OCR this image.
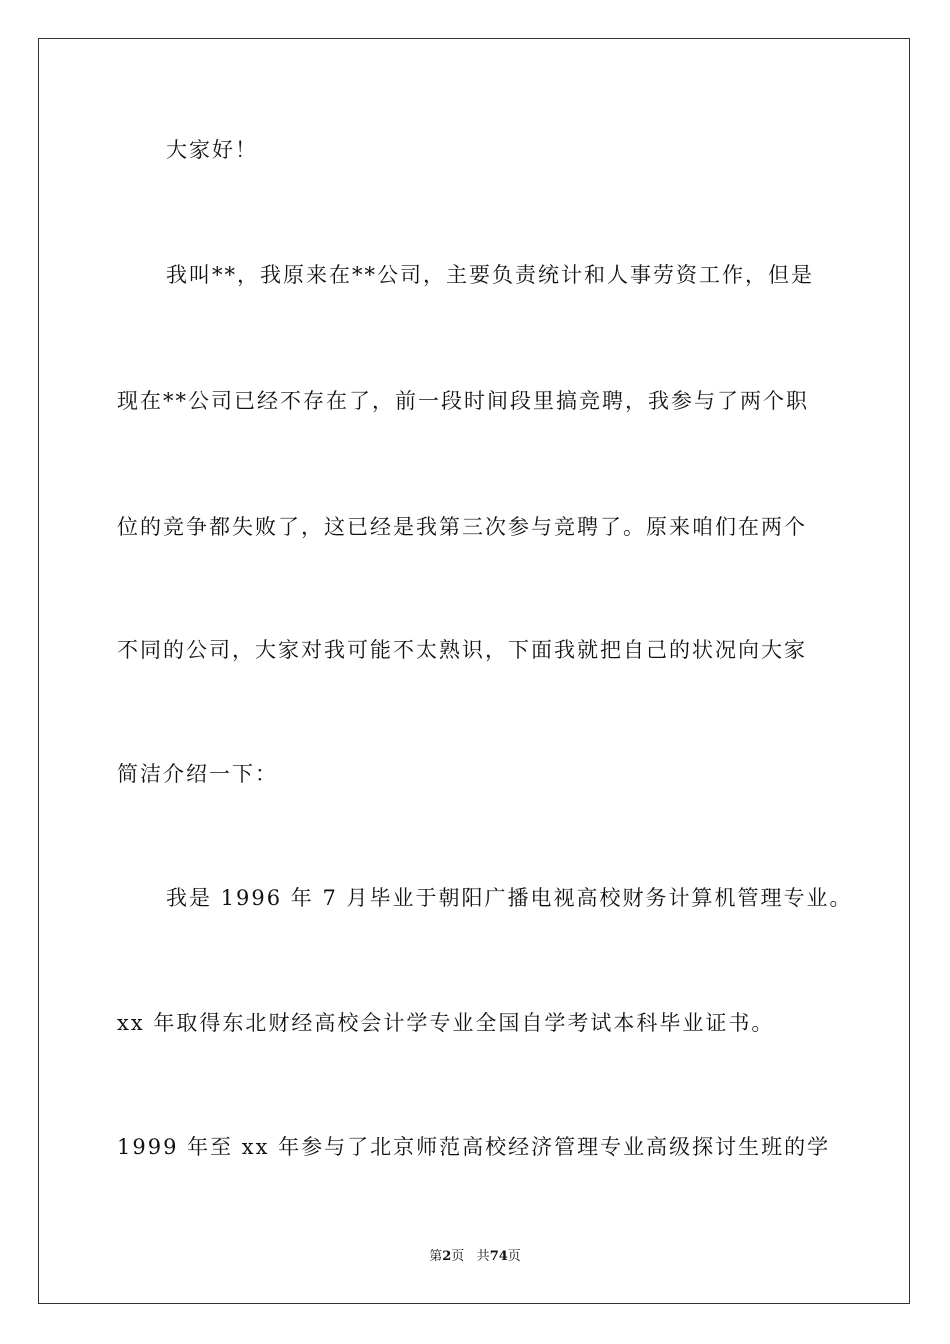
大家好！
我叫**，我原来在**公司，主要负责统计和人事劳资工作，但是
现在**公司已经不存在了，前一段时间段里搞竞聘，我参与了两个职
位的竞争都失败了，这已经是我第三次参与竞聘了。原来咱们在两个
不同的公司，大家对我可能不太熟识，下面我就把自己的状况向大家
简洁介绍一下：
我是 1996 年 7 月毕业于朝阳广播电视高校财务计算机管理专业。
xx 年取得东北财经高校会计学专业全国自学考试本科毕业证书。
1999 年至 xx 年参与了北京师范高校经济管理专业高级探讨生班的学
第2页 共74页
